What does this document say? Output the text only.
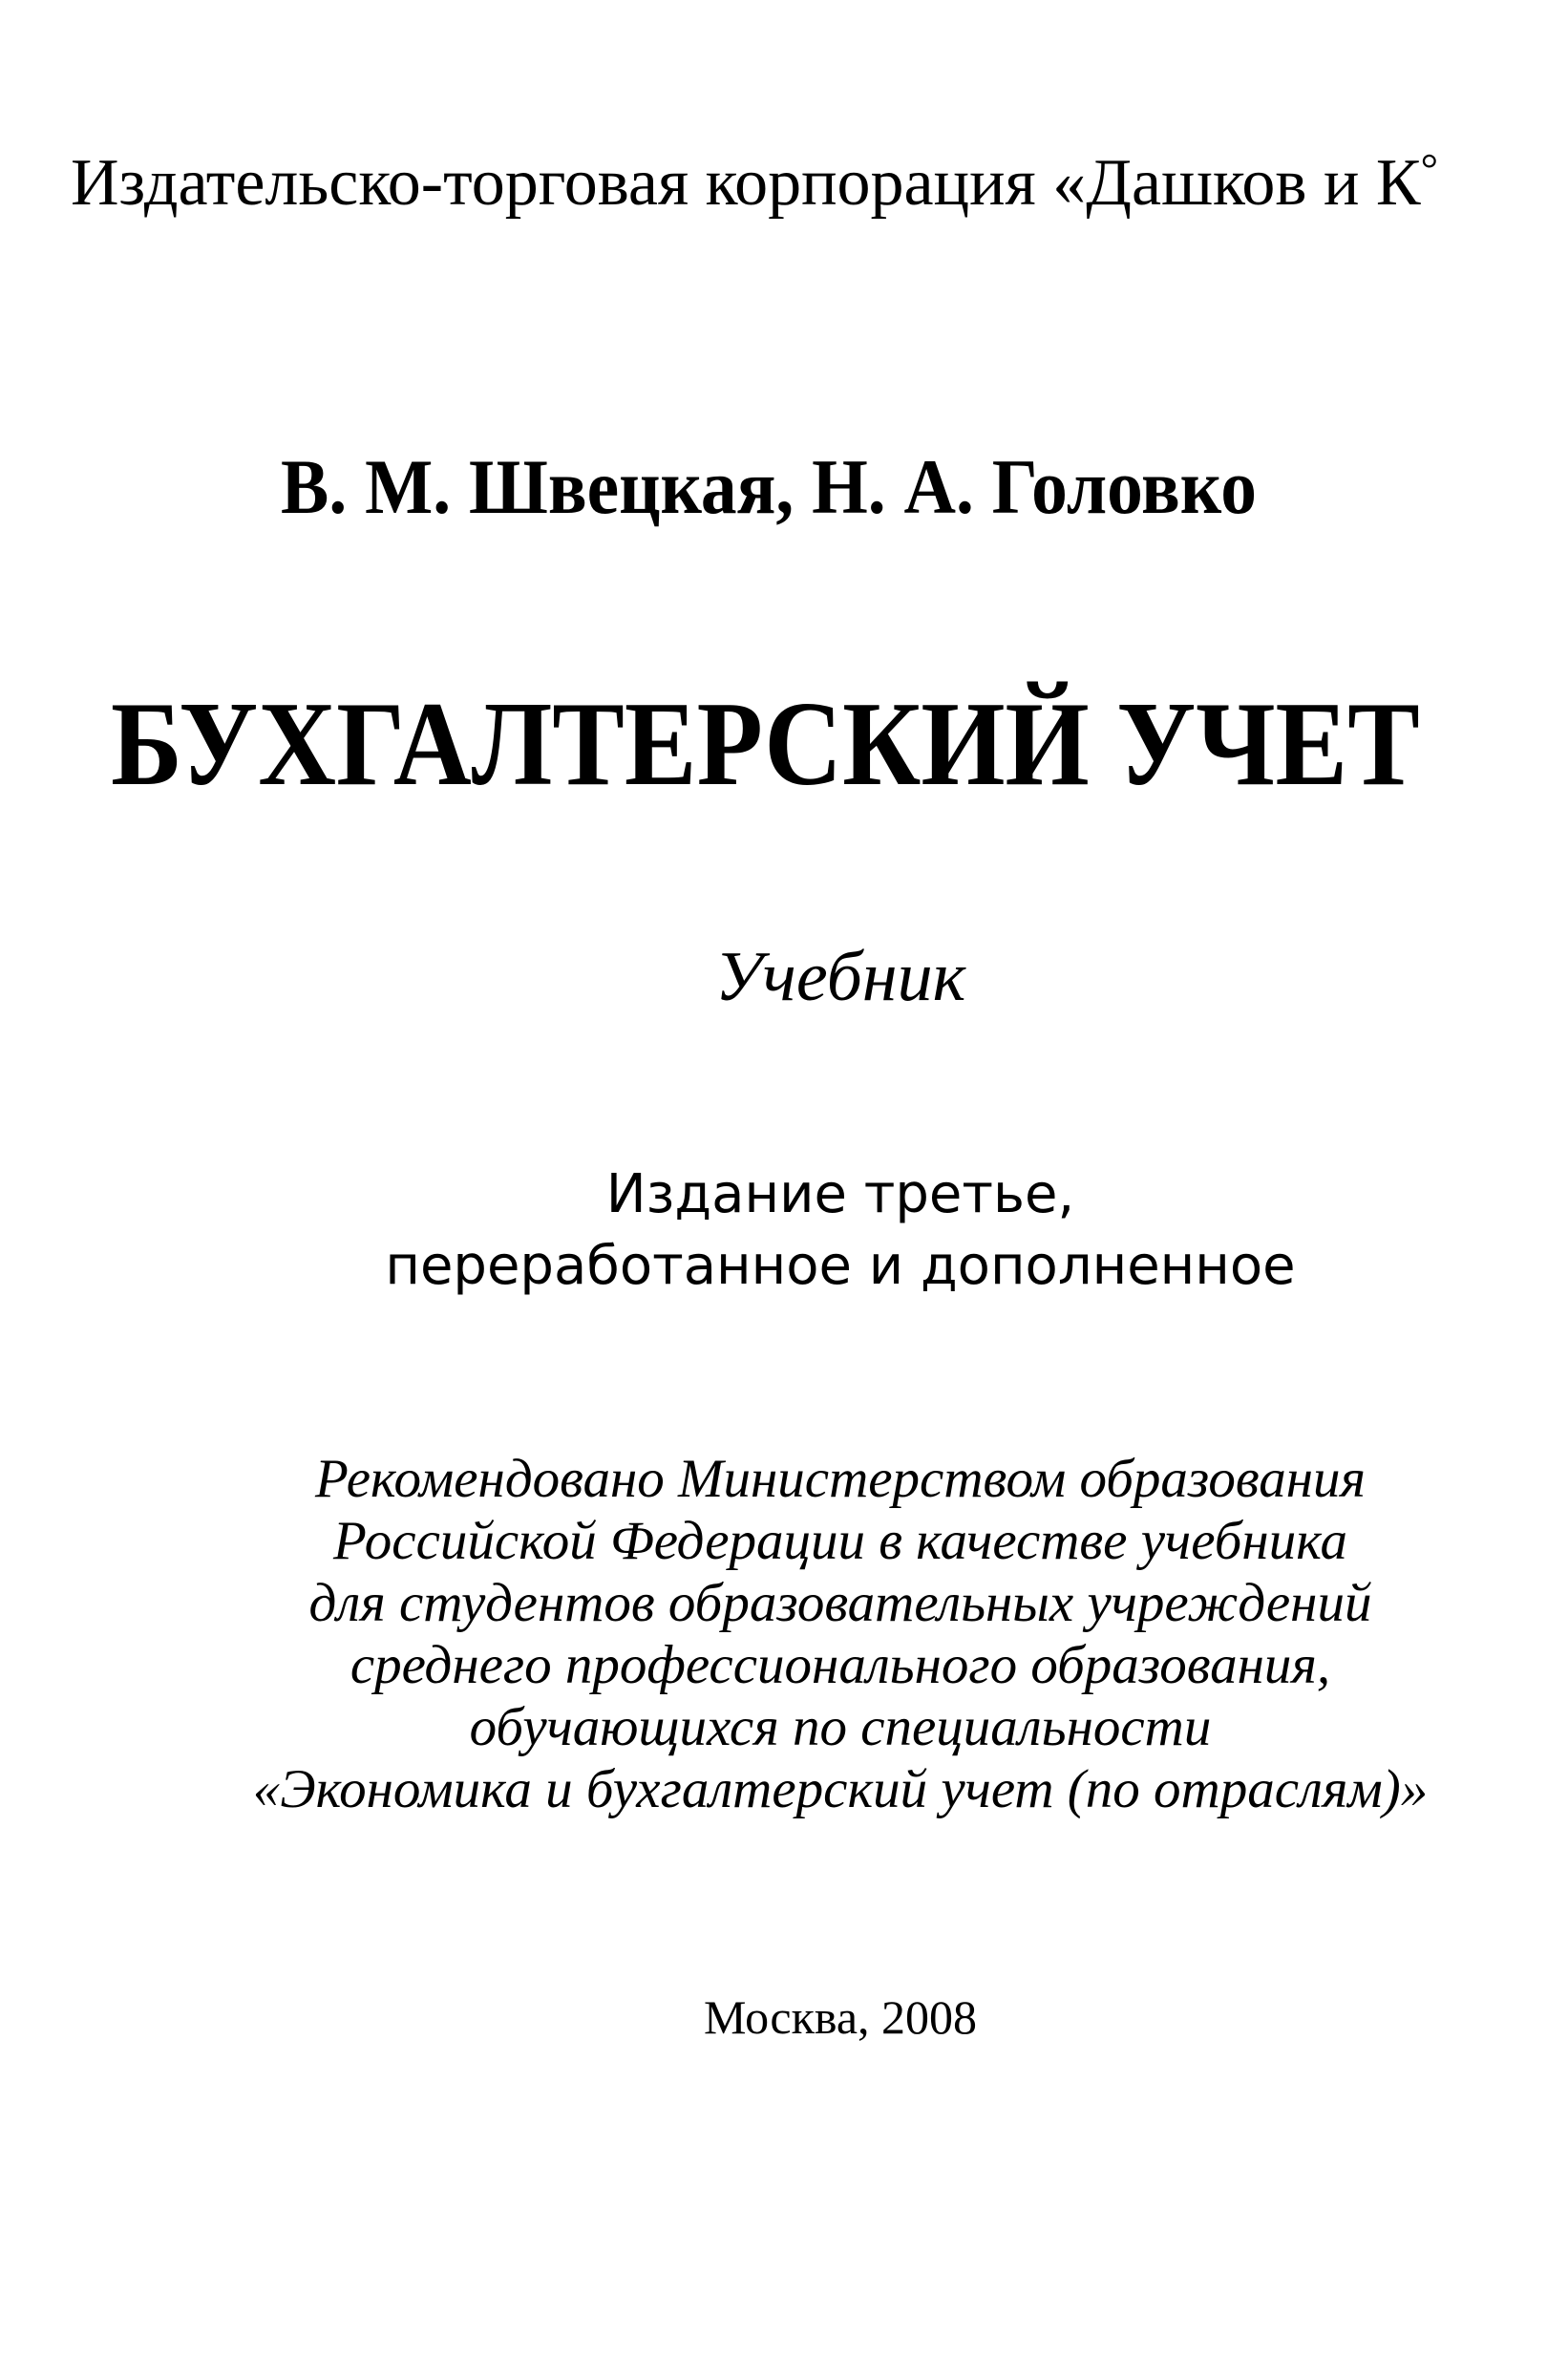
Издательско-торговая корпорация «Дашков и К°
В. М. Швецкая, Н. А. Головко
БУХГАЛТЕРСКИЙ УЧЕТ
Учебник
Издание третье,
переработанное и дополненное
Рекомендовано Министерством образования
Российской Федерации в качестве учебника
для студентов образовательных учреждений
среднего профессионального образования,
обучающихся по специальности
«Экономика и бухгалтерский учет (по отраслям)»
Москва, 2008
